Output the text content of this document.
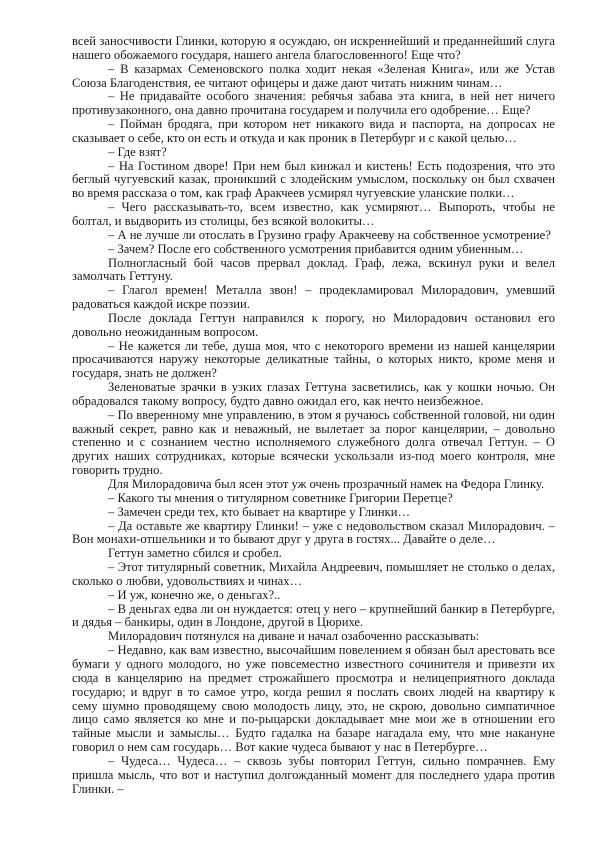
всей заносчивости Глинки, которую я осуждаю, он искреннейший и преданнейший слуга нашего обожаемого государя, нашего ангела благословенного! Еще что?

– В казармах Семеновского полка ходит некая «Зеленая Книга», или же Устав Союза Благоденствия, ее читают офицеры и даже дают читать нижним чинам…

– Не придавайте особого значения: ребячья забава эта книга, в ней нет ничего противузаконного, она давно прочитана государем и получила его одобрение… Еще?

– Пойман бродяга, при котором нет никакого вида и паспорта, на допросах не сказывает о себе, кто он есть и откуда и как проник в Петербург и с какой целью…

– Где взят?

– На Гостином дворе! При нем был кинжал и кистень! Есть подозрения, что это беглый чугуевский казак, проникший с злодейским умыслом, поскольку он был схвачен во время рассказа о том, как граф Аракчеев усмирял чугуевские уланские полки…

– Чего рассказывать-то, всем известно, как усмиряют… Выпороть, чтобы не болтал, и выдворить из столицы, без всякой волокиты…

– А не лучше ли отослать в Грузино графу Аракчееву на собственное усмотрение?

– Зачем? После его собственного усмотрения прибавится одним убиенным…

Полногласный бой часов прервал доклад. Граф, лежа, вскинул руки и велел замолчать Геттуну.

– Глагол времен! Металла звон! – продекламировал Милорадович, умевший радоваться каждой искре поэзии.

После доклада Геттун направился к порогу, но Милорадович остановил его довольно неожиданным вопросом.

– Не кажется ли тебе, душа моя, что с некоторого времени из нашей канцелярии просачиваются наружу некоторые деликатные тайны, о которых никто, кроме меня и государя, знать не должен?

Зеленоватые зрачки в узких глазах Геттуна засветились, как у кошки ночью. Он обрадовался такому вопросу, будто давно ожидал его, как нечто неизбежное.

– По вверенному мне управлению, в этом я ручаюсь собственной головой, ни один важный секрет, равно как и неважный, не вылетает за порог канцелярии, – довольно степенно и с сознанием честно исполняемого служебного долга отвечал Геттун. – О других наших сотрудниках, которые всячески ускользали из-под моего контроля, мне говорить трудно.

Для Милорадовича был ясен этот уж очень прозрачный намек на Федора Глинку.

– Какого ты мнения о титулярном советнике Григории Перетце?

– Замечен среди тех, кто бывает на квартире у Глинки…

– Да оставьте же квартиру Глинки! – уже с недовольством сказал Милорадович. – Вон монахи-отшельники и то бывают друг у друга в гостях... Давайте о деле…

Геттун заметно сбился и сробел.

– Этот титулярный советник, Михайла Андреевич, помышляет не столько о делах, сколько о любви, удовольствиях и чинах…

– И уж, конечно же, о деньгах?..

– В деньгах едва ли он нуждается: отец у него – крупнейший банкир в Петербурге, и дядья – банкиры, один в Лондоне, другой в Цюрихе.

Милорадович потянулся на диване и начал озабоченно рассказывать:

– Недавно, как вам известно, высочайшим повелением я обязан был арестовать все бумаги у одного молодого, но уже повсеместно известного сочинителя и привезти их сюда в канцелярию на предмет строжайшего просмотра и нелицеприятного доклада государю; и вдруг в то самое утро, когда решил я послать своих людей на квартиру к сему шумно проводящему свою молодость лицу, это, не скрою, довольно симпатичное лицо само является ко мне и по-рыцарски докладывает мне мои же в отношении его тайные мысли и замыслы… Будто гадалка на базаре нагадала ему, что мне накануне говорил о нем сам государь… Вот какие чудеса бывают у нас в Петербурге…

– Чудеса… Чудеса… – сквозь зубы повторил Геттун, сильно помрачнев. Ему пришла мысль, что вот и наступил долгожданный момент для последнего удара против Глинки. –
